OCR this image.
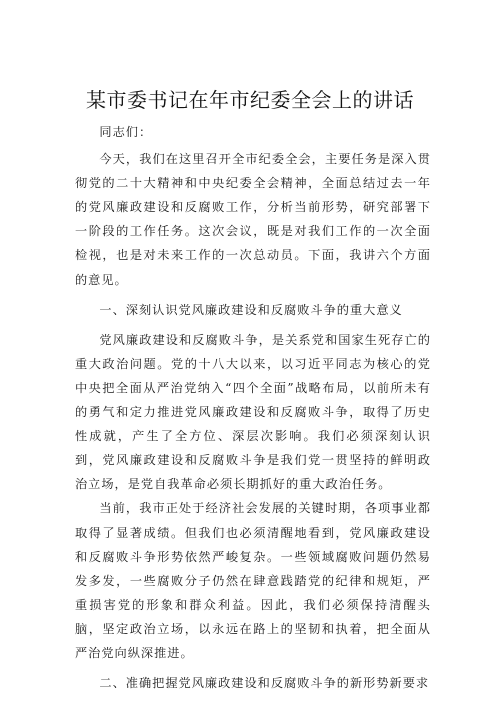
某市委书记在年市纪委全会上的讲话

同志们：

今天，我们在这里召开全市纪委全会，主要任务是深入贯彻党的二十大精神和中央纪委全会精神，全面总结过去一年的党风廉政建设和反腐败工作，分析当前形势，研究部署下一阶段的工作任务。这次会议，既是对我们工作的一次全面检视，也是对未来工作的一次总动员。下面，我讲六个方面的意见。

一、深刻认识党风廉政建设和反腐败斗争的重大意义

党风廉政建设和反腐败斗争，是关系党和国家生死存亡的重大政治问题。党的十八大以来，以习近平同志为核心的党中央把全面从严治党纳入“四个全面”战略布局，以前所未有的勇气和定力推进党风廉政建设和反腐败斗争，取得了历史性成就，产生了全方位、深层次影响。我们必须深刻认识到，党风廉政建设和反腐败斗争是我们党一贯坚持的鲜明政治立场，是党自我革命必须长期抓好的重大政治任务。

当前，我市正处于经济社会发展的关键时期，各项事业都取得了显著成绩。但我们也必须清醒地看到，党风廉政建设和反腐败斗争形势依然严峻复杂。一些领域腐败问题仍然易发多发，一些腐败分子仍然在肆意践踏党的纪律和规矩，严重损害党的形象和群众利益。因此，我们必须保持清醒头脑，坚定政治立场，以永远在路上的坚韧和执着，把全面从严治党向纵深推进。

二、准确把握党风廉政建设和反腐败斗争的新形势新要求
